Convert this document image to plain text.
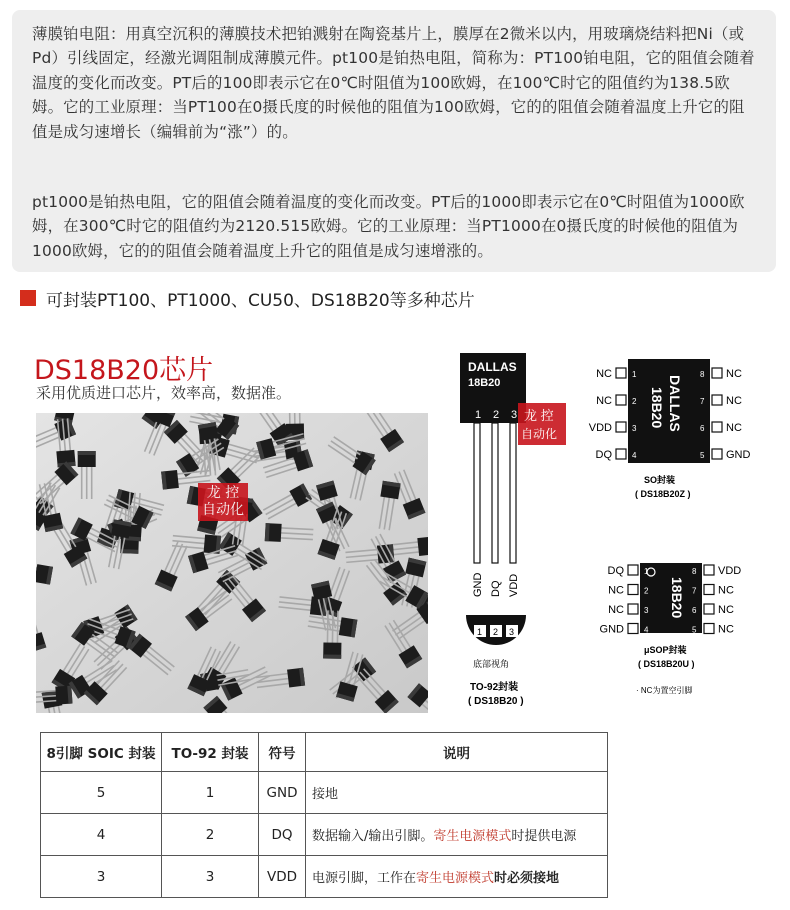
薄膜铂电阻：用真空沉积的薄膜技术把铂溅射在陶瓷基片上，膜厚在2微米以内，用玻璃烧结料把Ni（或Pd）引线固定，经激光调阻制成薄膜元件。pt100是铂热电阻，简称为：PT100铂电阻，它的阻值会随着温度的变化而改变。PT后的100即表示它在0℃时阻值为100欧姆，在100℃时它的阻值约为138.5欧姆。它的工业原理：当PT100在0摄氏度的时候他的阻值为100欧姆，它的的阻值会随着温度上升它的阻值是成匀速增长（编辑前为“涨”）的。

pt1000是铂热电阻，它的阻值会随着温度的变化而改变。PT后的1000即表示它在0℃时阻值为1000欧姆，在300℃时它的阻值约为2120.515欧姆。它的工业原理：当PT1000在0摄氏度的时候他的阻值为1000欧姆，它的的阻值会随着温度上升它的阻值是成匀速增涨的。

可封装PT100、PT1000、CU50、DS18B20等多种芯片
DS18B20芯片
采用优质进口芯片，效率高，数据准。
龙 控
自动化
DALLAS
18B20
1 2 3
GND DQ VDD
1 2 3
底部视角
TO-92封装
( DS18B20 )
龙 控
自动化
DALLAS
18B20
1
NC
2
NC
3
VDD
4
DQ
8 NC
7 NC
6 NC
5 GND
SO封装
( DS18B20Z )
18B20
1
DQ
2
NC
3
NC
4
GND
8 VDD
7 NC
6 NC
5 NC
μSOP封装
( DS18B20U )
· NC为置空引脚
8引脚 SOIC 封装	TO-92 封装	符号	说明
5	1	GND	接地
4	2	DQ	数据输入/输出引脚。寄生电源模式时提供电源
3	3	VDD	电源引脚，工作在寄生电源模式时必须接地
